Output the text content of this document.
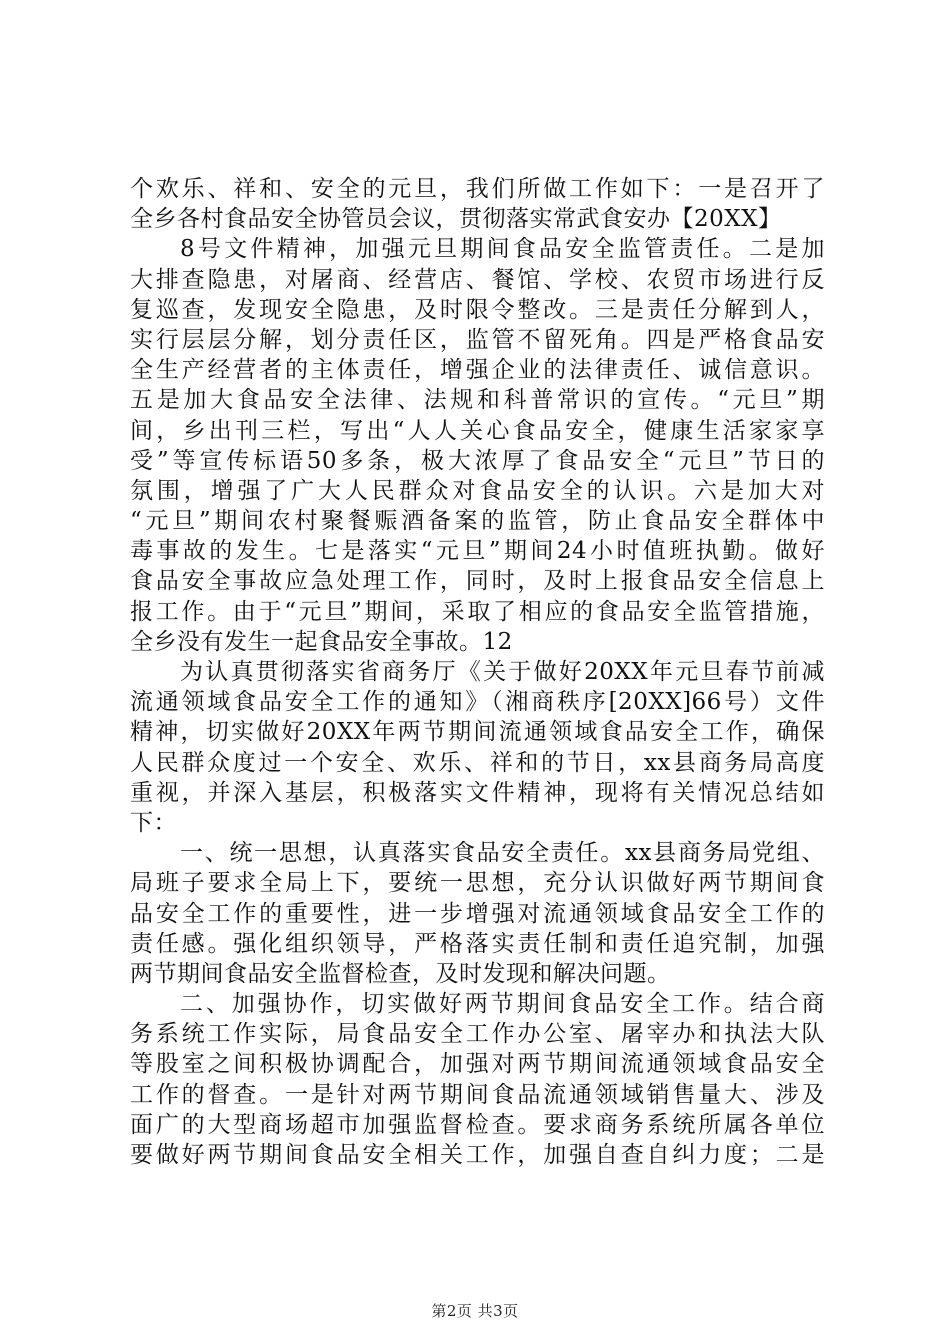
个欢乐、祥和、安全的元旦，我们所做工作如下：一是召开了
全乡各村食品安全协管员会议，贯彻落实常武食安办【20XX】
8号文件精神，加强元旦期间食品安全监管责任。二是加
大排查隐患，对屠商、经营店、餐馆、学校、农贸市场进行反
复巡查，发现安全隐患，及时限令整改。三是责任分解到人，
实行层层分解，划分责任区，监管不留死角。四是严格食品安
全生产经营者的主体责任，增强企业的法律责任、诚信意识。
五是加大食品安全法律、法规和科普常识的宣传。“元旦”期
间，乡出刊三栏，写出“人人关心食品安全，健康生活家家享
受”等宣传标语50多条，极大浓厚了食品安全“元旦”节日的
氛围，增强了广大人民群众对食品安全的认识。六是加大对
“元旦”期间农村聚餐赈酒备案的监管，防止食品安全群体中
毒事故的发生。七是落实“元旦”期间24小时值班执勤。做好
食品安全事故应急处理工作，同时，及时上报食品安全信息上
报工作。由于“元旦”期间，采取了相应的食品安全监管措施，
全乡没有发生一起食品安全事故。12
为认真贯彻落实省商务厅《关于做好20XX年元旦春节前减
流通领域食品安全工作的通知》（湘商秩序[20XX]66号）文件
精神，切实做好20XX年两节期间流通领域食品安全工作，确保
人民群众度过一个安全、欢乐、祥和的节日，xx县商务局高度
重视，并深入基层，积极落实文件精神，现将有关情况总结如
下：
一、统一思想，认真落实食品安全责任。xx县商务局党组、
局班子要求全局上下，要统一思想，充分认识做好两节期间食
品安全工作的重要性，进一步增强对流通领域食品安全工作的
责任感。强化组织领导，严格落实责任制和责任追究制，加强
两节期间食品安全监督检查，及时发现和解决问题。
二、加强协作，切实做好两节期间食品安全工作。结合商
务系统工作实际，局食品安全工作办公室、屠宰办和执法大队
等股室之间积极协调配合，加强对两节期间流通领域食品安全
工作的督查。一是针对两节期间食品流通领域销售量大、涉及
面广的大型商场超市加强监督检查。要求商务系统所属各单位
要做好两节期间食品安全相关工作，加强自查自纠力度；二是
第2页 共3页
